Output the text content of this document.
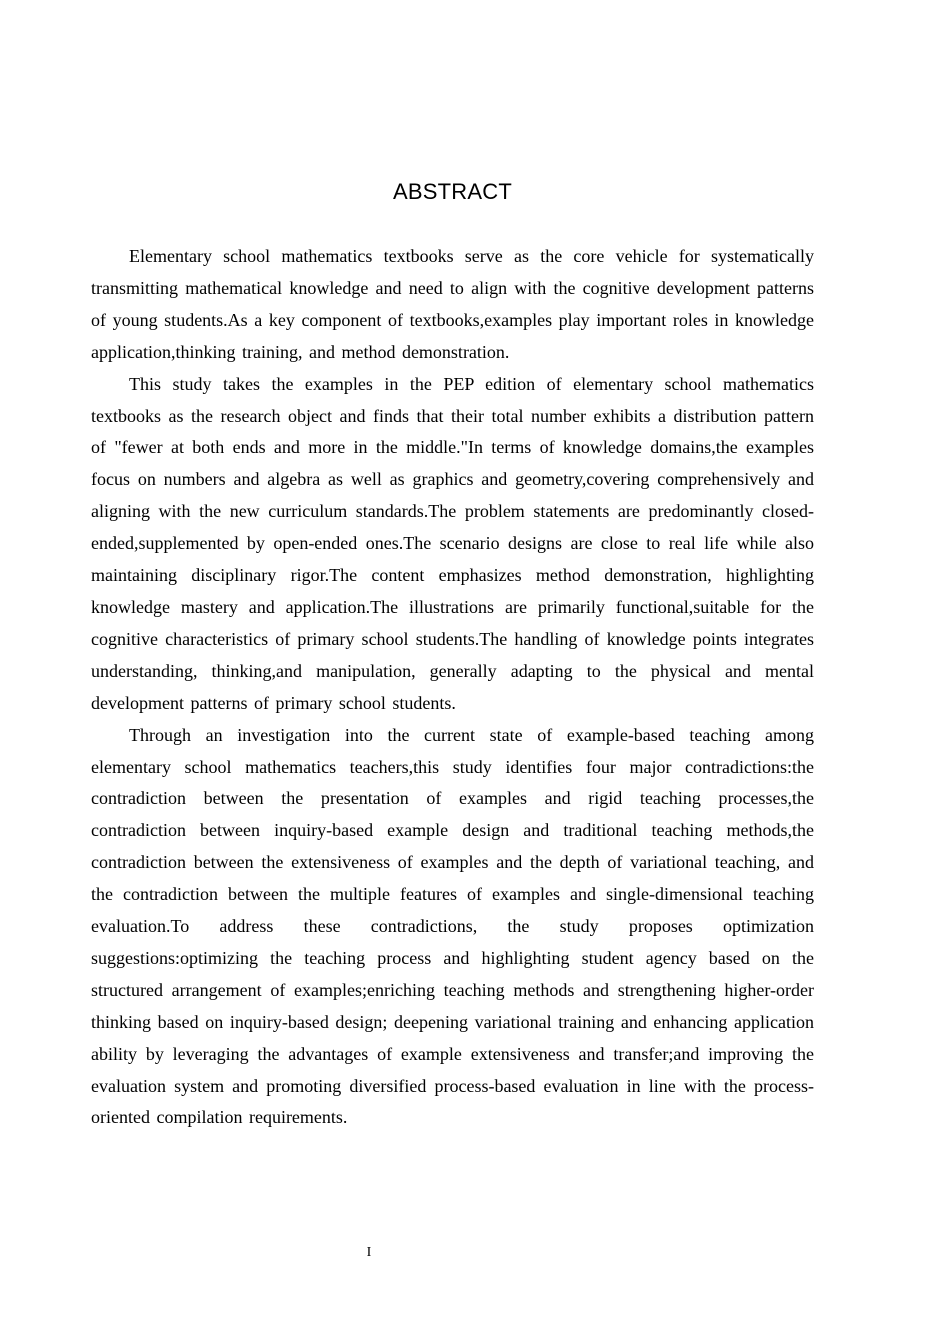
ABSTRACT

Elementary school mathematics textbooks serve as the core vehicle for systematically transmitting mathematical knowledge and need to align with the cognitive development patterns of young students.As a key component of textbooks,examples play important roles in knowledge application,thinking training, and method demonstration.

This study takes the examples in the PEP edition of elementary school mathematics textbooks as the research object and finds that their total number exhibits a distribution pattern of "fewer at both ends and more in the middle."In terms of knowledge domains,the examples focus on numbers and algebra as well as graphics and geometry,covering comprehensively and aligning with the new curriculum standards.The problem statements are predominantly closed-ended,supplemented by open-ended ones.The scenario designs are close to real life while also maintaining disciplinary rigor.The content emphasizes method demonstration, highlighting knowledge mastery and application.The illustrations are primarily functional,suitable for the cognitive characteristics of primary school students.The handling of knowledge points integrates understanding, thinking,and manipulation, generally adapting to the physical and mental development patterns of primary school students.

Through an investigation into the current state of example-based teaching among elementary school mathematics teachers,this study identifies four major contradictions:the contradiction between the presentation of examples and rigid teaching processes,the contradiction between inquiry-based example design and traditional teaching methods,the contradiction between the extensiveness of examples and the depth of variational teaching, and the contradiction between the multiple features of examples and single-dimensional teaching evaluation.To address these contradictions, the study proposes optimization suggestions:optimizing the teaching process and highlighting student agency based on the structured arrangement of examples;enriching teaching methods and strengthening higher-order thinking based on inquiry-based design; deepening variational training and enhancing application ability by leveraging the advantages of example extensiveness and transfer;and improving the evaluation system and promoting diversified process-based evaluation in line with the process-oriented compilation requirements.

I
